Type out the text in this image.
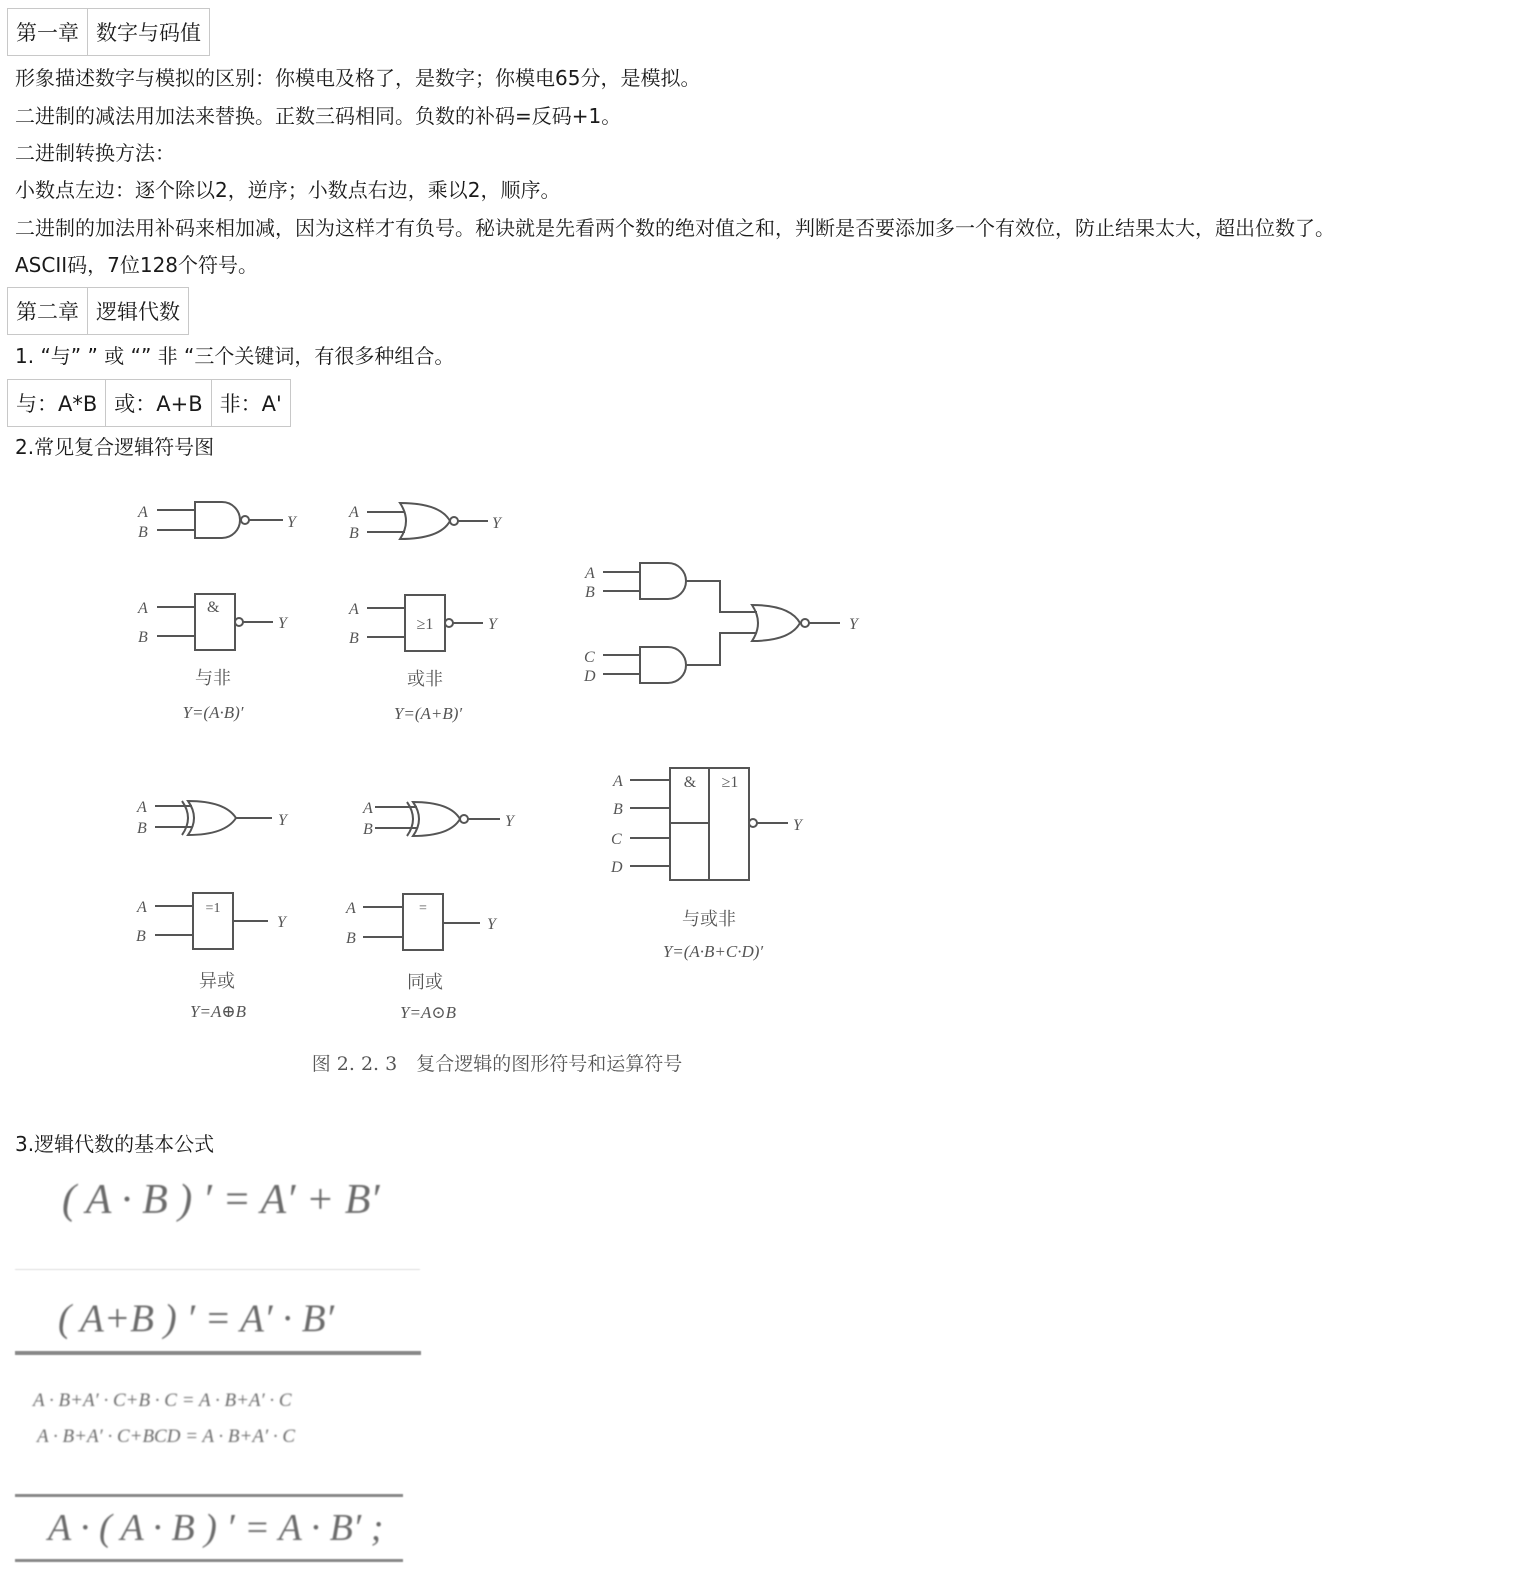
第一章	数字与码值
形象描述数字与模拟的区别：你模电及格了，是数字；你模电65分，是模拟。
二进制的减法用加法来替换。正数三码相同。负数的补码=反码+1。
二进制转换方法：
小数点左边：逐个除以2，逆序；小数点右边，乘以2，顺序。
二进制的加法用补码来相加减，因为这样才有负号。秘诀就是先看两个数的绝对值之和，判断是否要添加多一个有效位，防止结果太大，超出位数了。
ASCII码，7位128个符号。
第二章	逻辑代数
1. “与” ” 或 “” 非 “三个关键词，有很多种组合。
与：A*B	或：A+B	非：A'
2.常见复合逻辑符号图
A
B
Y
A
B
Y
&
A
B
Y
与非
Y=(A·B)′
≥1
A
B
Y
或非
Y=(A+B)′
A
B
C
D
Y
A
B	Y
A
B	Y
=1
A
B
Y
异或
Y=A⊕B
=
A
B
Y
同或
Y=A⊙B
& ≥1
A
B
C
D
Y
与或非
Y=(A·B+C·D)′
图 2. 2. 3　复合逻辑的图形符号和运算符号
3.逻辑代数的基本公式
( A · B ) ′ = A′ + B′
( A+B ) ′ = A′ · B′
A · B+A′ · C+B · C = A · B+A′ · C
A · B+A′ · C+BCD = A · B+A′ · C
A · ( A · B ) ′ = A · B′ ;
